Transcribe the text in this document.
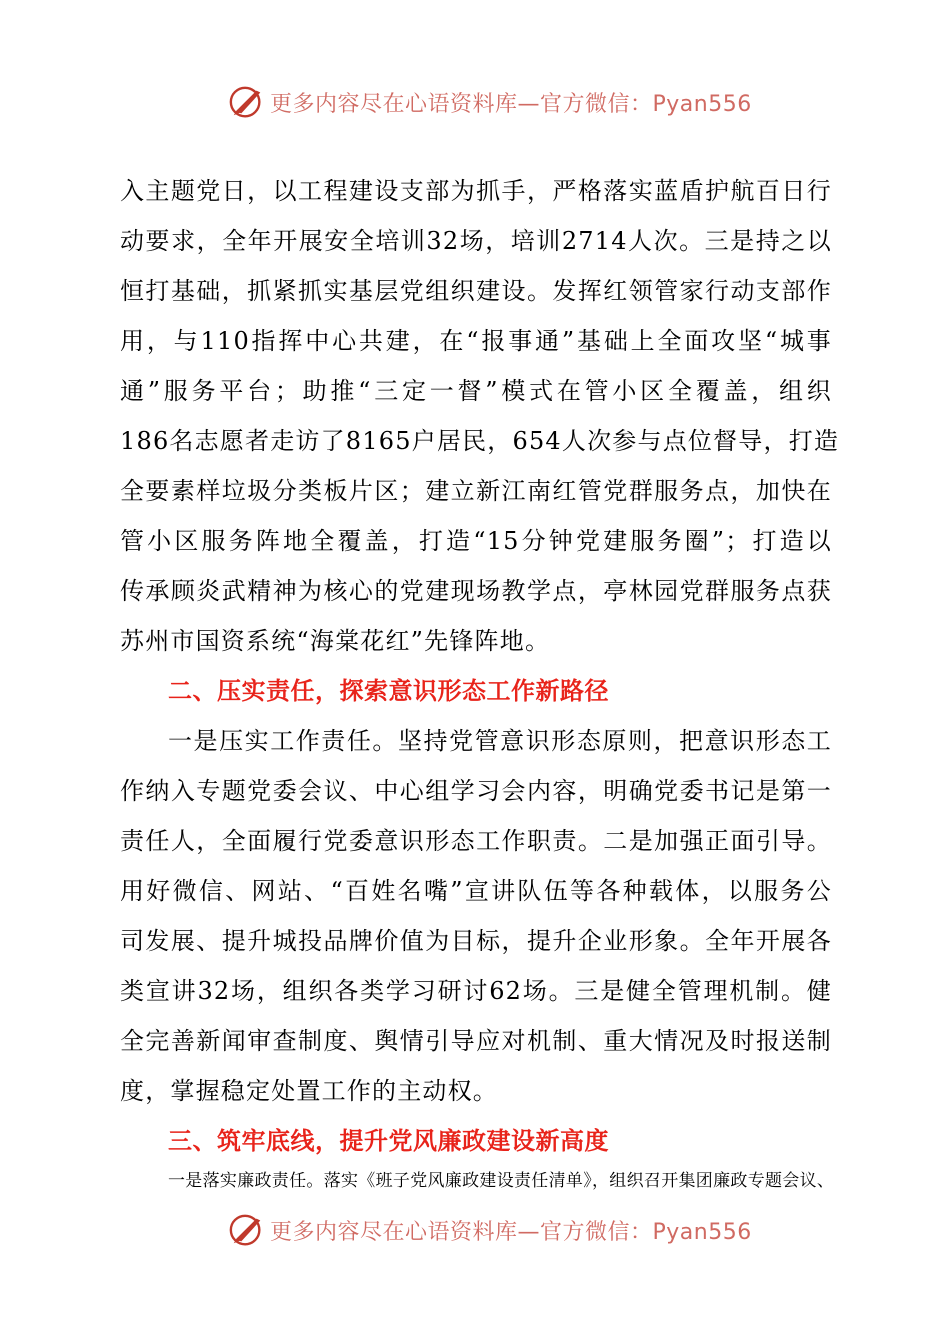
更多内容尽在心语资料库—官方微信：Pyan556

入主题党日，以工程建设支部为抓手，严格落实蓝盾护航百日行

动要求，全年开展安全培训32场，培训2714人次。三是持之以

恒打基础，抓紧抓实基层党组织建设。发挥红领管家行动支部作

用，与110指挥中心共建，在“报事通”基础上全面攻坚“城事

通”服务平台；助推“三定一督”模式在管小区全覆盖，组织

186名志愿者走访了8165户居民，654人次参与点位督导，打造

全要素样垃圾分类板片区；建立新江南红管党群服务点，加快在

管小区服务阵地全覆盖，打造“15分钟党建服务圈”；打造以

传承顾炎武精神为核心的党建现场教学点，亭林园党群服务点获

苏州市国资系统“海棠花红”先锋阵地。

二、压实责任，探索意识形态工作新路径

一是压实工作责任。坚持党管意识形态原则，把意识形态工

作纳入专题党委会议、中心组学习会内容，明确党委书记是第一

责任人，全面履行党委意识形态工作职责。二是加强正面引导。

用好微信、网站、“百姓名嘴”宣讲队伍等各种载体，以服务公

司发展、提升城投品牌价值为目标，提升企业形象。全年开展各

类宣讲32场，组织各类学习研讨62场。三是健全管理机制。健

全完善新闻审查制度、舆情引导应对机制、重大情况及时报送制

度，掌握稳定处置工作的主动权。

三、筑牢底线，提升党风廉政建设新高度

一是落实廉政责任。落实《班子党风廉政建设责任清单》，组织召开集团廉政专题会议、

更多内容尽在心语资料库—官方微信：Pyan556
